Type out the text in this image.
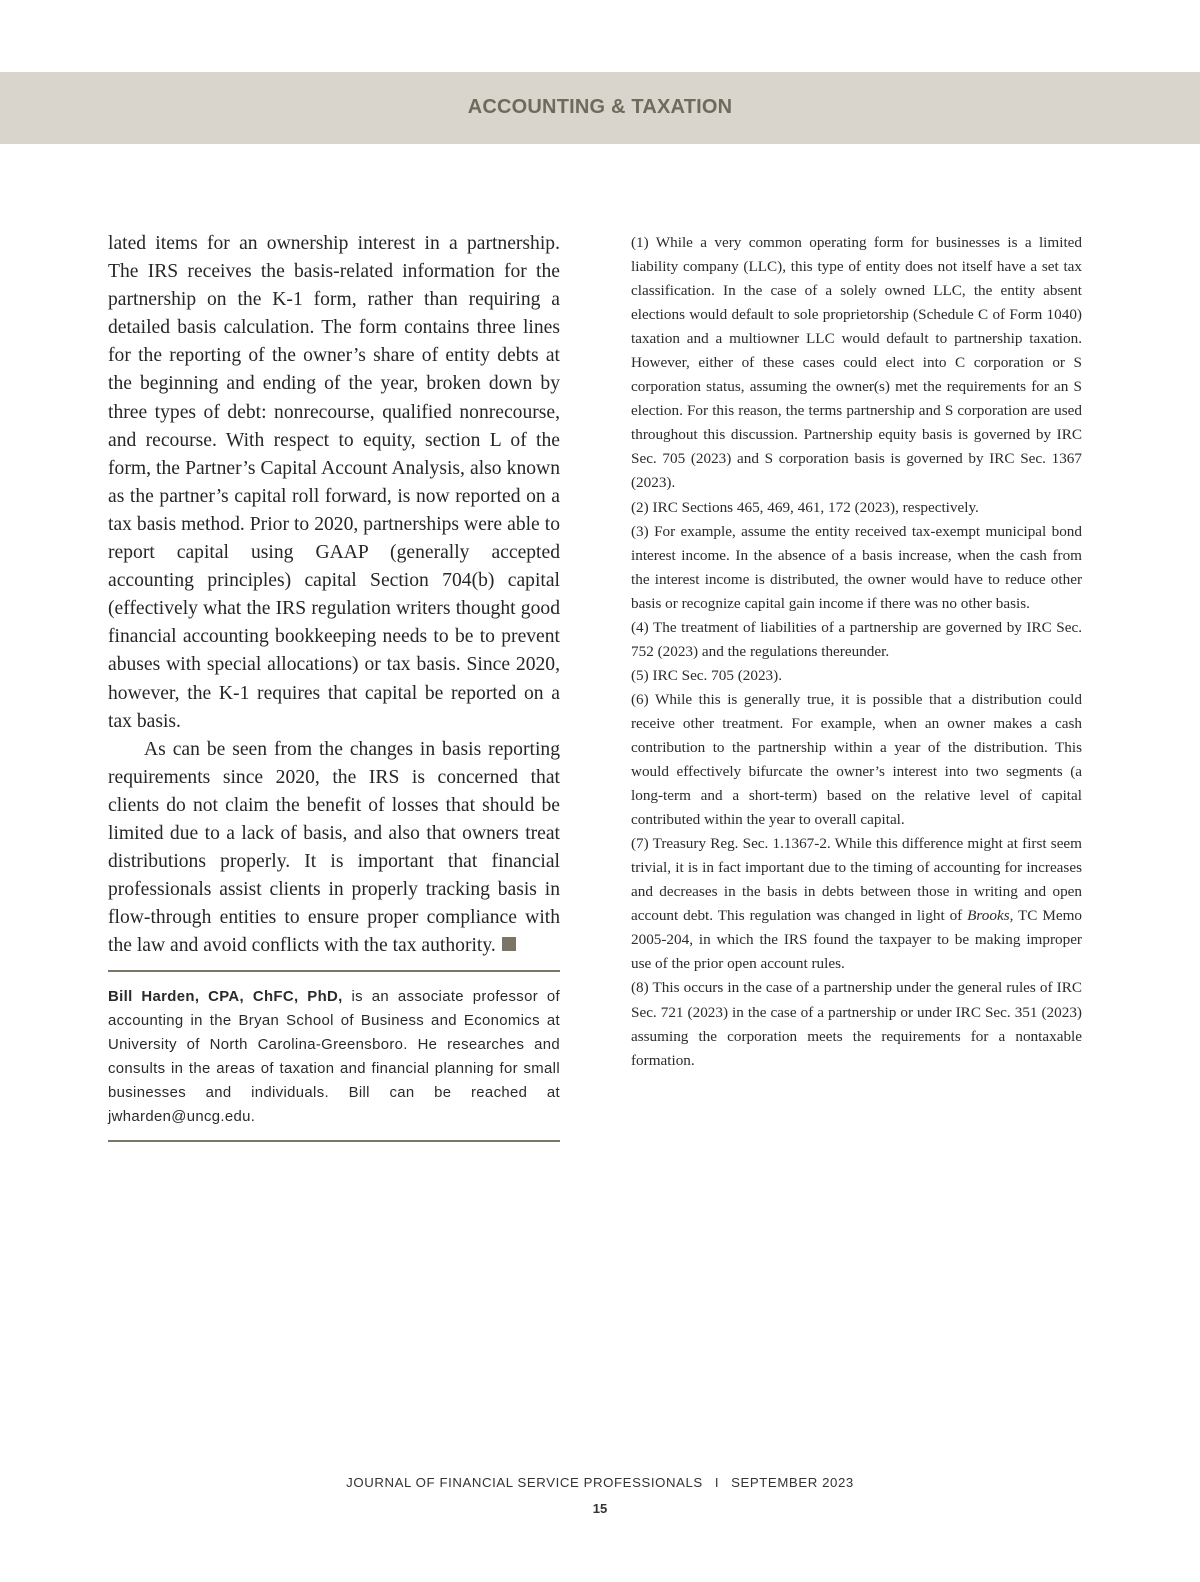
ACCOUNTING & TAXATION

lated items for an ownership interest in a partnership. The IRS receives the basis-related information for the partnership on the K-1 form, rather than requiring a detailed basis calculation. The form contains three lines for the reporting of the owner’s share of entity debts at the beginning and ending of the year, broken down by three types of debt: nonrecourse, qualified nonrecourse, and recourse. With respect to equity, section L of the form, the Partner’s Capital Account Analysis, also known as the partner’s capital roll forward, is now reported on a tax basis method. Prior to 2020, partnerships were able to report capital using GAAP (generally accepted accounting principles) capital Section 704(b) capital (effectively what the IRS regulation writers thought good financial accounting bookkeeping needs to be to prevent abuses with special allocations) or tax basis. Since 2020, however, the K-1 requires that capital be reported on a tax basis.

As can be seen from the changes in basis reporting requirements since 2020, the IRS is concerned that clients do not claim the benefit of losses that should be limited due to a lack of basis, and also that owners treat distributions properly. It is important that financial professionals assist clients in properly tracking basis in flow-through entities to ensure proper compliance with the law and avoid conflicts with the tax authority.

Bill Harden, CPA, ChFC, PhD, is an associate professor of accounting in the Bryan School of Business and Economics at University of North Carolina-Greensboro. He researches and consults in the areas of taxation and financial planning for small businesses and individuals. Bill can be reached at jwharden@uncg.edu.

(1) While a very common operating form for businesses is a limited liability company (LLC), this type of entity does not itself have a set tax classification. In the case of a solely owned LLC, the entity absent elections would default to sole proprietorship (Schedule C of Form 1040) taxation and a multiowner LLC would default to partnership taxation. However, either of these cases could elect into C corporation or S corporation status, assuming the owner(s) met the requirements for an S election. For this reason, the terms partnership and S corporation are used throughout this discussion. Partnership equity basis is governed by IRC Sec. 705 (2023) and S corporation basis is governed by IRC Sec. 1367 (2023).

(2) IRC Sections 465, 469, 461, 172 (2023), respectively.

(3) For example, assume the entity received tax-exempt municipal bond interest income. In the absence of a basis increase, when the cash from the interest income is distributed, the owner would have to reduce other basis or recognize capital gain income if there was no other basis.

(4) The treatment of liabilities of a partnership are governed by IRC Sec. 752 (2023) and the regulations thereunder.

(5) IRC Sec. 705 (2023).

(6) While this is generally true, it is possible that a distribution could receive other treatment. For example, when an owner makes a cash contribution to the partnership within a year of the distribution. This would effectively bifurcate the owner’s interest into two segments (a long-term and a short-term) based on the relative level of capital contributed within the year to overall capital.

(7) Treasury Reg. Sec. 1.1367-2. While this difference might at first seem trivial, it is in fact important due to the timing of accounting for increases and decreases in the basis in debts between those in writing and open account debt. This regulation was changed in light of Brooks, TC Memo 2005-204, in which the IRS found the taxpayer to be making improper use of the prior open account rules.

(8) This occurs in the case of a partnership under the general rules of IRC Sec. 721 (2023) in the case of a partnership or under IRC Sec. 351 (2023) assuming the corporation meets the requirements for a nontaxable formation.

JOURNAL OF FINANCIAL SERVICE PROFESSIONALS I SEPTEMBER 2023
15
